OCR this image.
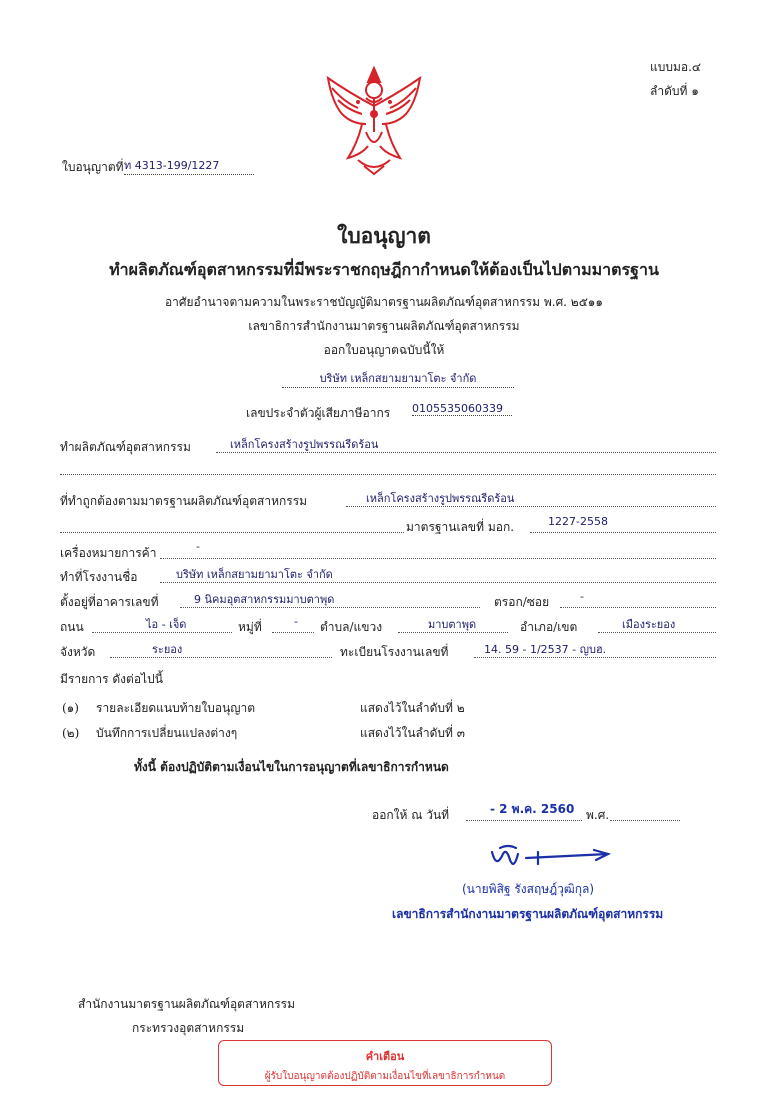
แบบมอ.๔
ลำดับที่ ๑
ใบอนุญาตที่ ท 4313-199/1227
ใบอนุญาต
ทำผลิตภัณฑ์อุตสาหกรรมที่มีพระราชกฤษฎีกากำหนดให้ต้องเป็นไปตามมาตรฐาน
อาศัยอำนาจตามความในพระราชบัญญัติมาตรฐานผลิตภัณฑ์อุตสาหกรรม พ.ศ. ๒๕๑๑
เลขาธิการสำนักงานมาตรฐานผลิตภัณฑ์อุตสาหกรรม
ออกใบอนุญาตฉบับนี้ให้
บริษัท เหล็กสยามยามาโตะ จำกัด
เลขประจำตัวผู้เสียภาษีอากร 0105535060339
ทำผลิตภัณฑ์อุตสาหกรรม	เหล็กโครงสร้างรูปพรรณรีดร้อน
ที่ทำถูกต้องตามมาตรฐานผลิตภัณฑ์อุตสาหกรรม	เหล็กโครงสร้างรูปพรรณรีดร้อน
มาตรฐานเลขที่ มอก.	1227-2558
เครื่องหมายการค้า	-
ทำที่โรงงานชื่อ	บริษัท เหล็กสยามยามาโตะ จำกัด
ตั้งอยู่ที่อาคารเลขที่	9 นิคมอุตสาหกรรมมาบตาพุด	ตรอก/ซอย	-
ถนน	ไอ - เจ็ด	หมู่ที่	- ตำบล/แขวง	มาบตาพุด	อำเภอ/เขต	เมืองระยอง
จังหวัด	ระยอง	ทะเบียนโรงงานเลขที่	14. 59 - 1/2537 - ญบฮ.
มีรายการ ดังต่อไปนี้
(๑) รายละเอียดแนบท้ายใบอนุญาต	แสดงไว้ในลำดับที่ ๒
(๒) บันทึกการเปลี่ยนแปลงต่างๆ	แสดงไว้ในลำดับที่ ๓
ทั้งนี้ ต้องปฏิบัติตามเงื่อนไขในการอนุญาตที่เลขาธิการกำหนด
ออกให้ ณ วันที่	- 2 พ.ค. 2560 พ.ศ.
(นายพิสิฐ รังสฤษฎ์วุฒิกุล)
เลขาธิการสำนักงานมาตรฐานผลิตภัณฑ์อุตสาหกรรม
สำนักงานมาตรฐานผลิตภัณฑ์อุตสาหกรรม
กระทรวงอุตสาหกรรม
คำเตือน
ผู้รับใบอนุญาตต้องปฏิบัติตามเงื่อนไขที่เลขาธิการกำหนด
